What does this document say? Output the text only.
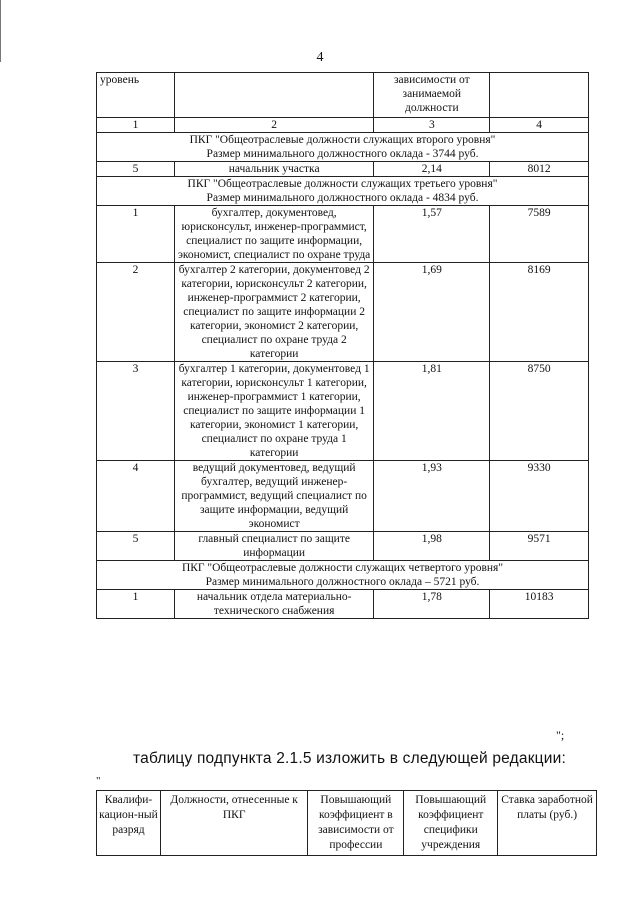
4
уровень		зависимости от занимаемой должности	
1	2	3	4

ПКГ "Общеотраслевые должности служащих второго уровня"
Размер минимального должностного оклада - 3744 руб.			

5	начальник участка	2,14	8012

ПКГ "Общеотраслевые должности служащих третьего уровня"
Размер минимального должностного оклада - 4834 руб.			

1	бухгалтер, документовед, юрисконсульт, инженер-программист, специалист по защите информации, экономист, специалист по охране труда	1,57	7589
2	бухгалтер 2 категории, документовед 2 категории, юрисконсульт 2 категории, инженер-программист 2 категории, специалист по защите информации 2 категории, экономист 2 категории, специалист по охране труда 2 категории	1,69	8169
3	бухгалтер 1 категории, документовед 1 категории, юрисконсульт 1 категории, инженер-программист 1 категории, специалист по защите информации 1 категории, экономист 1 категории, специалист по охране труда 1 категории	1,81	8750
4	ведущий документовед, ведущий бухгалтер, ведущий инженер-программист, ведущий специалист по защите информации, ведущий экономист	1,93	9330
5	главный специалист по защите информации	1,98	9571

ПКГ "Общеотраслевые должности служащих четвертого уровня"
Размер минимального должностного оклада – 5721 руб.			

1	начальник отдела материально-технического снабжения	1,78	10183
";
таблицу подпункта 2.1.5 изложить в следующей редакции:
"
Квалифи-кацион-ный разряд	Должности, отнесенные к ПКГ	Повышающий коэффициент в зависимости от профессии	Повышающий коэффициент специфики учреждения	Ставка заработной платы (руб.)
